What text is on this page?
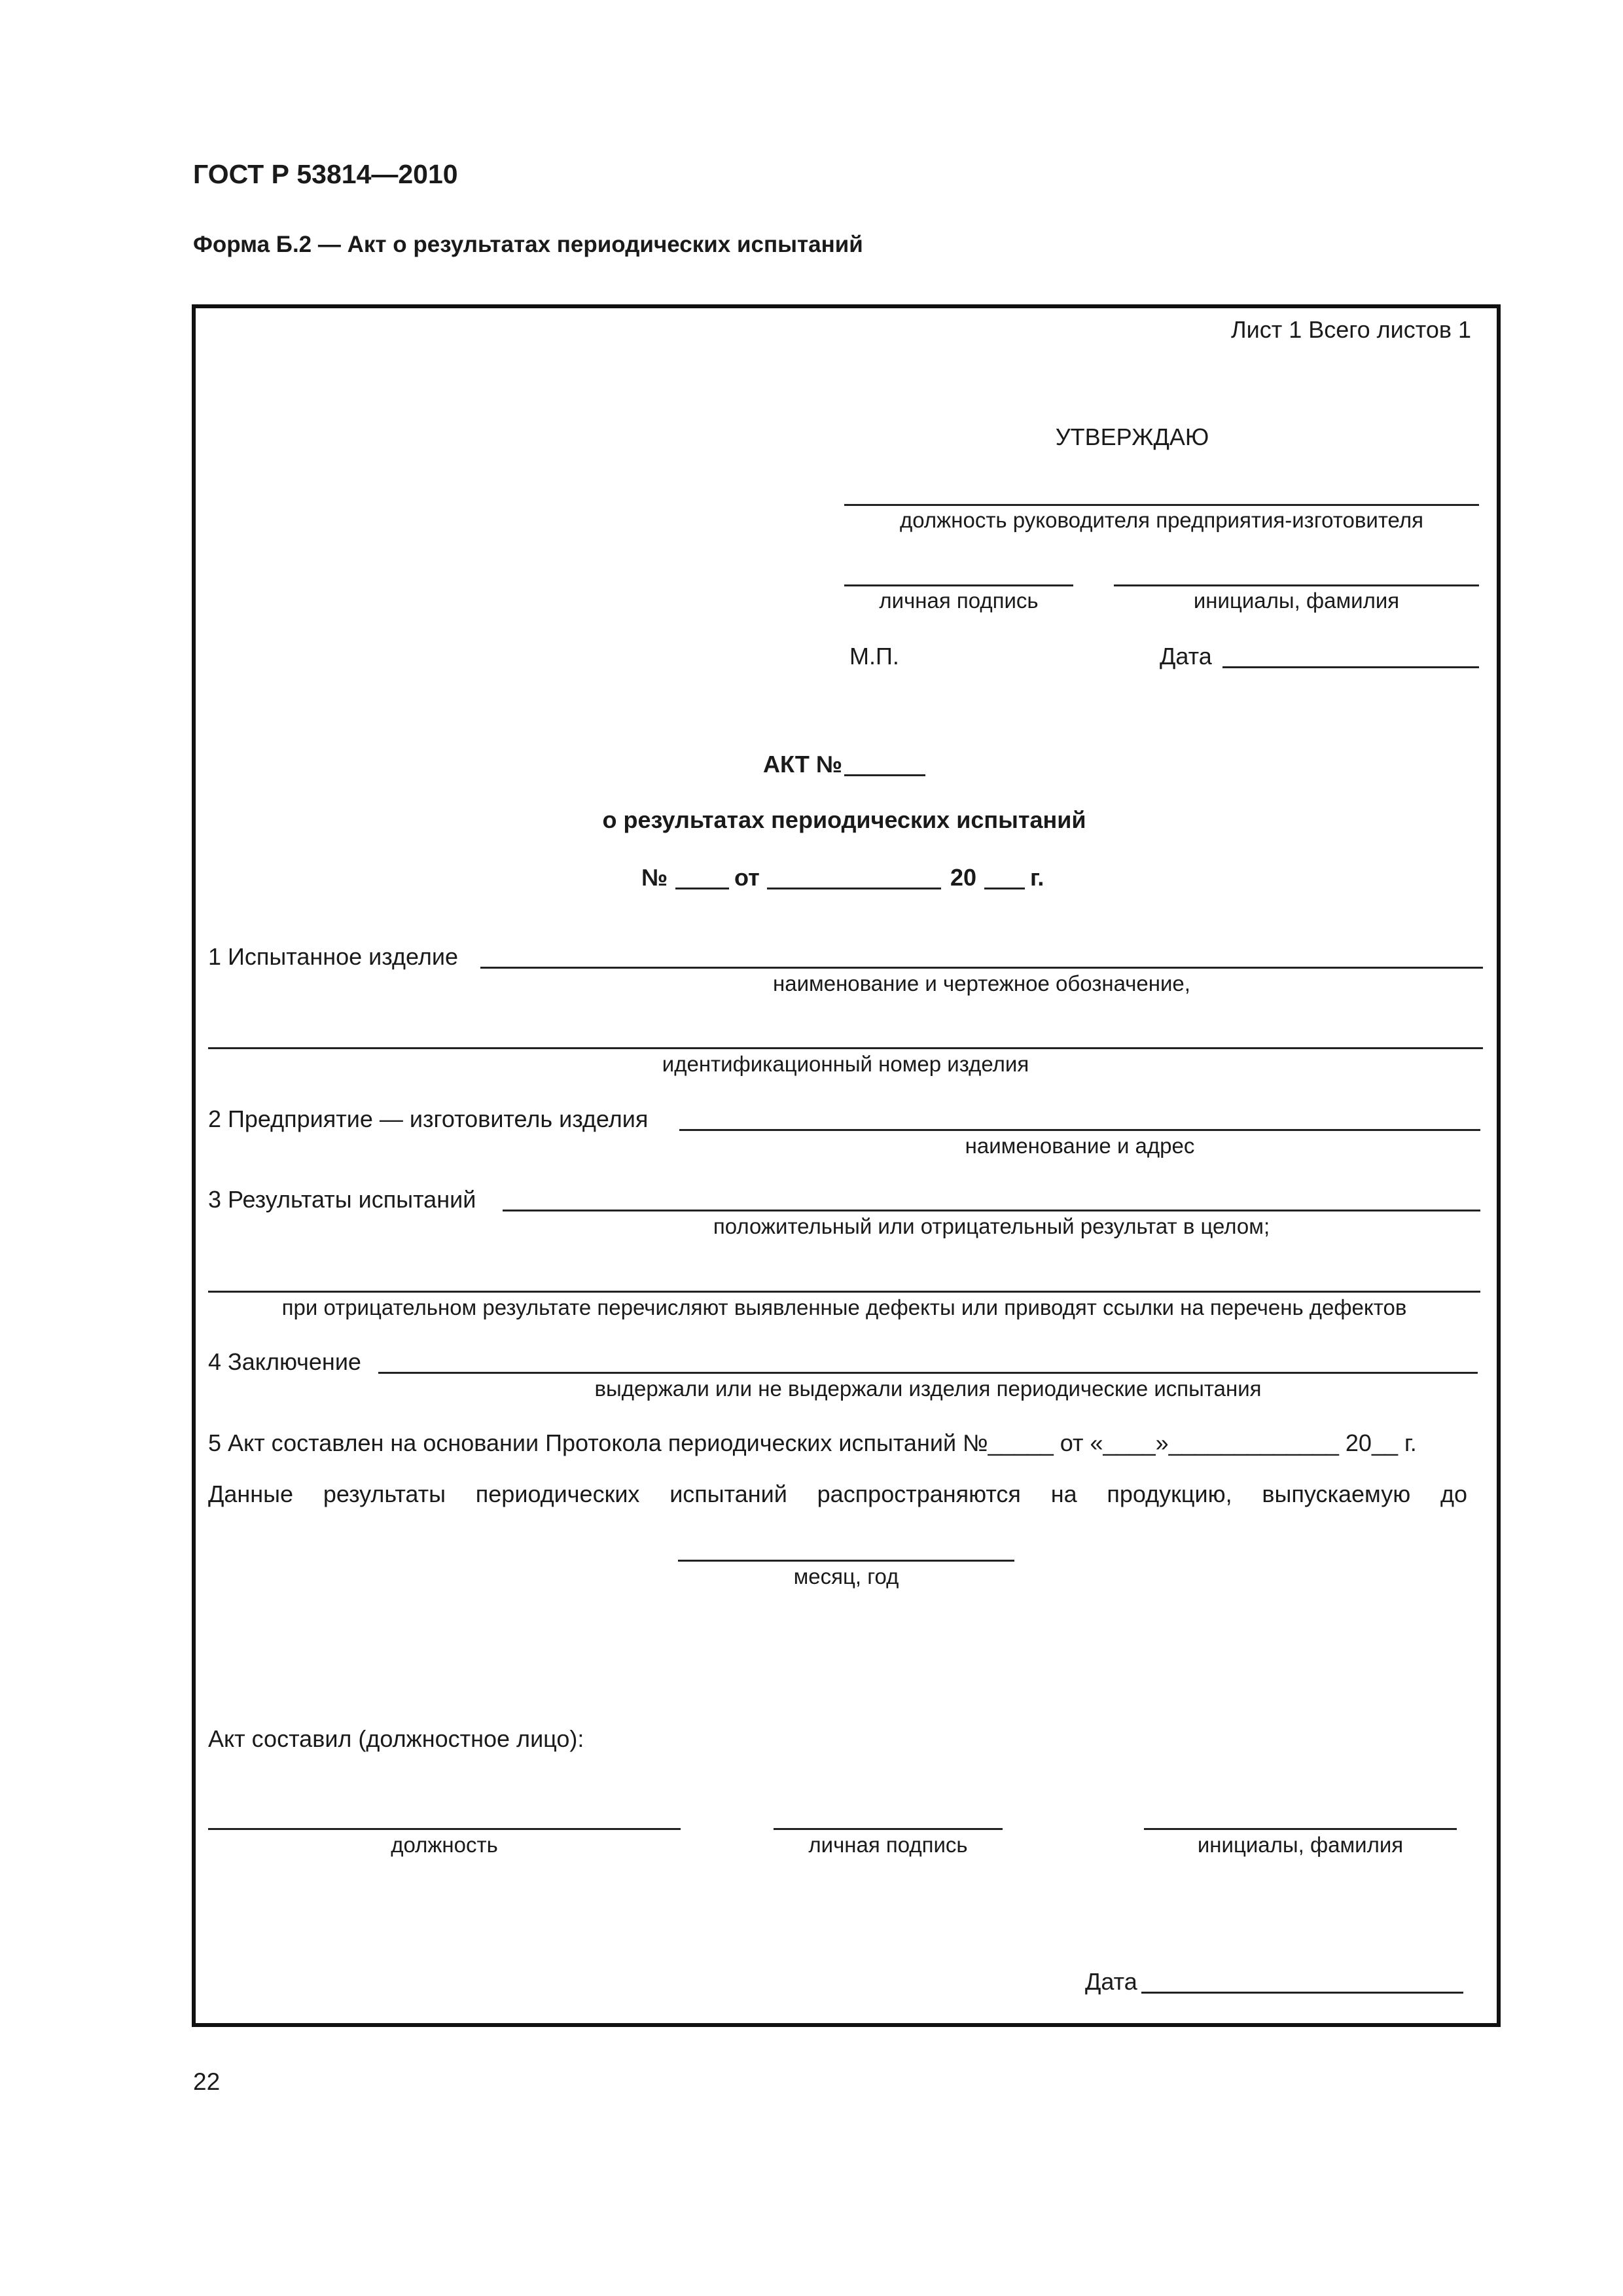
ГОСТ Р 53814—2010
Форма Б.2 — Акт о результатах периодических испытаний
Лист 1 Всего листов 1
УТВЕРЖДАЮ
должность руководителя предприятия-изготовителя
личная подпись	инициалы, фамилия
М.П.	Дата
АКТ №
о результатах периодических испытаний
№	от	20 г.
1 Испытанное изделие
наименование и чертежное обозначение,
идентификационный номер изделия
2 Предприятие — изготовитель изделия
наименование и адрес
3 Результаты испытаний
положительный или отрицательный результат в целом;
при отрицательном результате перечисляют выявленные дефекты или приводят ссылки на перечень дефектов
4 Заключение
выдержали или не выдержали изделия периодические испытания
5 Акт составлен на основании Протокола периодических испытаний №_____ от «____»_____________ 20__ г.
Данные результаты периодических испытаний распространяются на продукцию, выпускаемую до
месяц, год
Акт составил (должностное лицо):
должность	личная подпись	инициалы, фамилия
Дата
22
